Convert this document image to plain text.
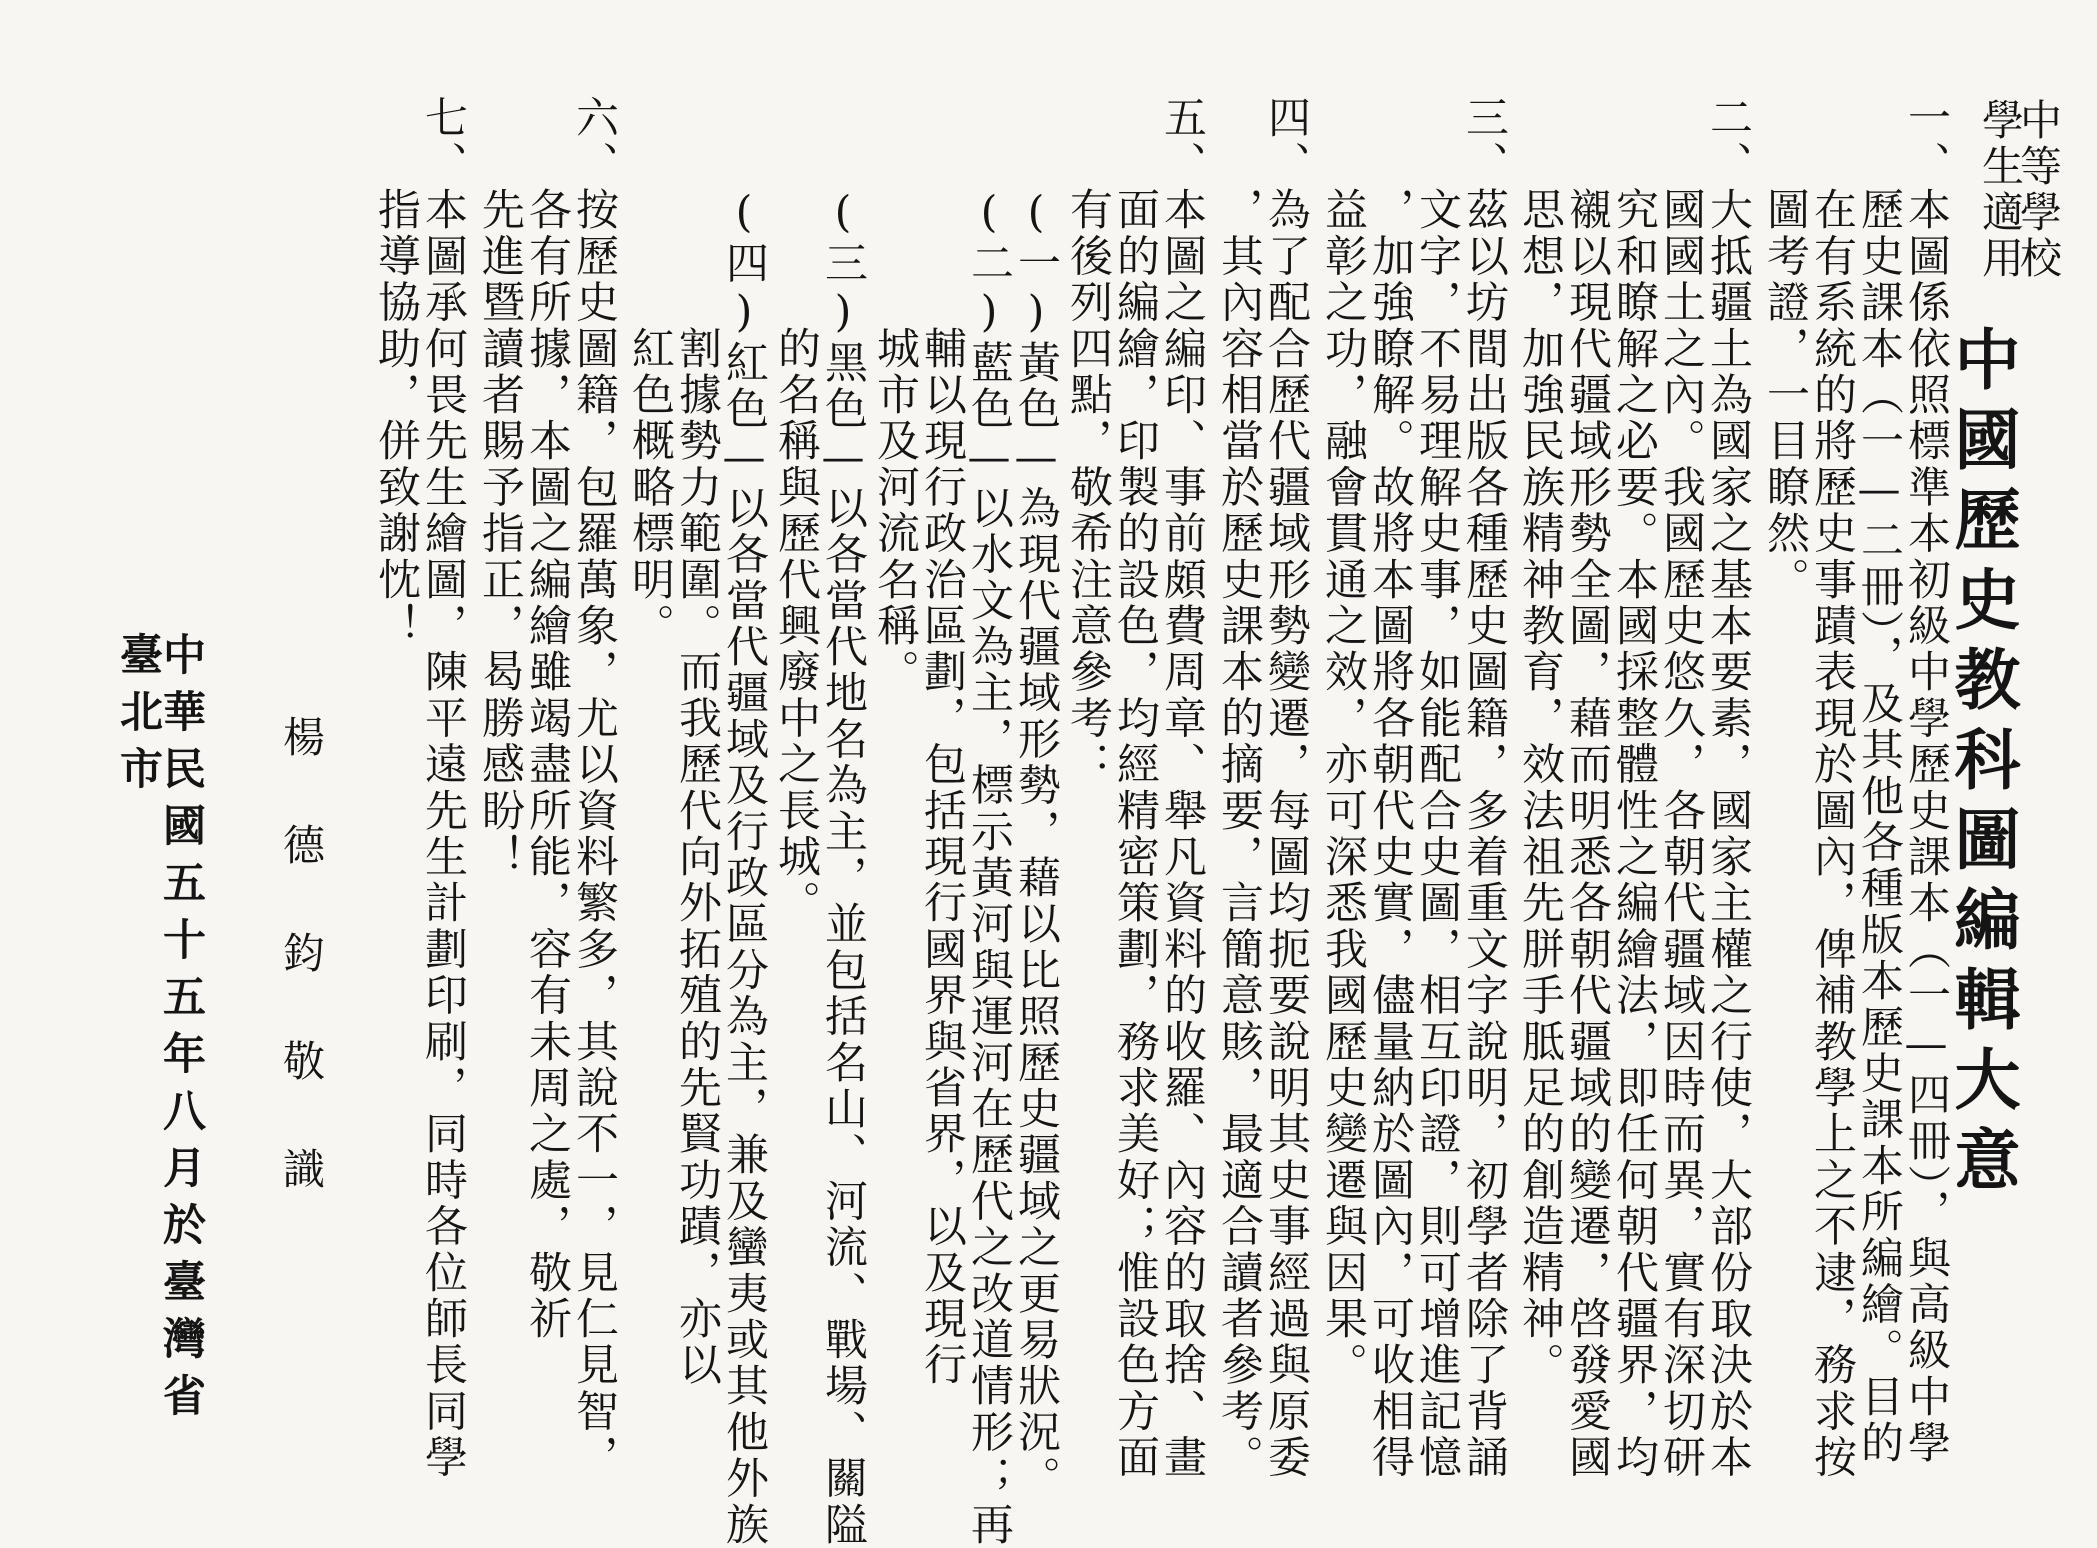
中等學校
學生適用
中國歷史教科圖編輯大意
一、本圖係依照標準本初級中學歷史課本（一—四冊），與高級中學
　　歷史課本（一—二冊），及其他各種版本歷史課本所編繪。目的
　　在有系統的將歷史事蹟表現於圖內，俾補教學上之不逮，務求按
　　圖考證，一目瞭然。
二、大抵疆土為國家之基本要素，國家主權之行使，大部份取決於本
　　國國土之內。我國歷史悠久，各朝代疆域因時而異，實有深切研
　　究和瞭解之必要。本國採整體性之編繪法，即任何朝代疆界，均
　　襯以現代疆域形勢全圖，藉而明悉各朝代疆域的變遷，啓發愛國
　　思想，加強民族精神教育，效法祖先胼手胝足的創造精神。
三、茲以坊間出版各種歷史圖籍，多着重文字說明，初學者除了背誦
　　文字，不易理解史事，如能配合史圖，相互印證，則可增進記憶
　　，加強瞭解。故將本圖將各朝代史實，儘量納於圖內，可收相得
　　益彰之功，融會貫通之效，亦可深悉我國歷史變遷與因果。
四、為了配合歷代疆域形勢變遷，每圖均扼要說明其史事經過與原委
　　，其內容相當於歷史課本的摘要，言簡意賅，最適合讀者參考。
五、本圖之編印、事前頗費周章、舉凡資料的收羅、內容的取捨、畫
　　面的編繪，印製的設色，均經精密策劃，務求美好；惟設色方面
　　有後列四點，敬希注意參考：
　　(一)黃色—為現代疆域形勢，藉以比照歷史疆域之更易狀況。
　　(二)藍色—以水文為主，標示黃河與運河在歷代之改道情形；再
　　　　　輔以現行政治區劃，包括現行國界與省界，以及現行
　　　　　城市及河流名稱。
　　(三)黑色—以各當代地名為主，並包括名山、河流、戰場、關隘
　　　　　的名稱與歷代興廢中之長城。
　　(四)紅色—以各當代疆域及行政區分為主，兼及蠻夷或其他外族
　　　　　割據勢力範圍。而我歷代向外拓殖的先賢功蹟，亦以
　　　　　紅色概略標明。
六、按歷史圖籍，包羅萬象，尤以資料繁多，其說不一，見仁見智，
　　各有所據，本圖之編繪雖竭盡所能，容有未周之處，敬祈
　　先進暨讀者賜予指正，曷勝感盼！
七、本圖承何畏先生繪圖，陳平遠先生計劃印刷，同時各位師長同學
　　指導協助，併致謝忱！
楊德鈞敬識
中華民國五十五年八月於臺灣省臺北市
